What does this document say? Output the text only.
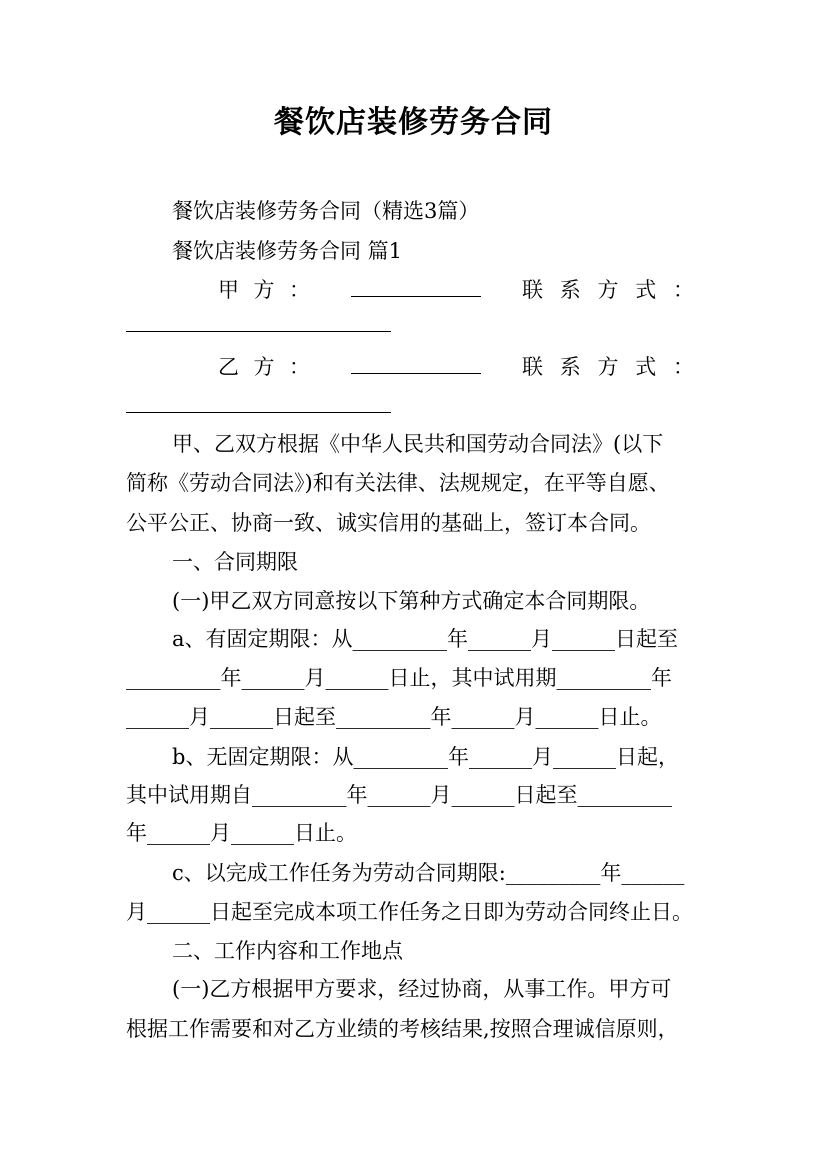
餐饮店装修劳务合同
餐饮店装修劳务合同（精选3篇）
餐饮店装修劳务合同 篇1
甲 方 ：	联 系 方 式 ：
乙 方 ：	联 系 方 式 ：
甲、乙双方根据《中华人民共和国劳动合同法》(以下
简称《劳动合同法》)和有关法律、法规规定，在平等自愿、
公平公正、协商一致、诚实信用的基础上，签订本合同。
一、合同期限
(一)甲乙双方同意按以下第种方式确定本合同期限。
a、有固定期限：从_________年______月______日起至
_________年______月______日止，其中试用期_________年
______月______日起至_________年______月______日止。
b、无固定期限：从_________年______月______日起，
其中试用期自_________年______月______日起至_________
年______月______日止。
c、以完成工作任务为劳动合同期限:_________年______
月______日起至完成本项工作任务之日即为劳动合同终止日。
二、工作内容和工作地点
(一)乙方根据甲方要求，经过协商，从事工作。甲方可
根据工作需要和对乙方业绩的考核结果,按照合理诚信原则，
